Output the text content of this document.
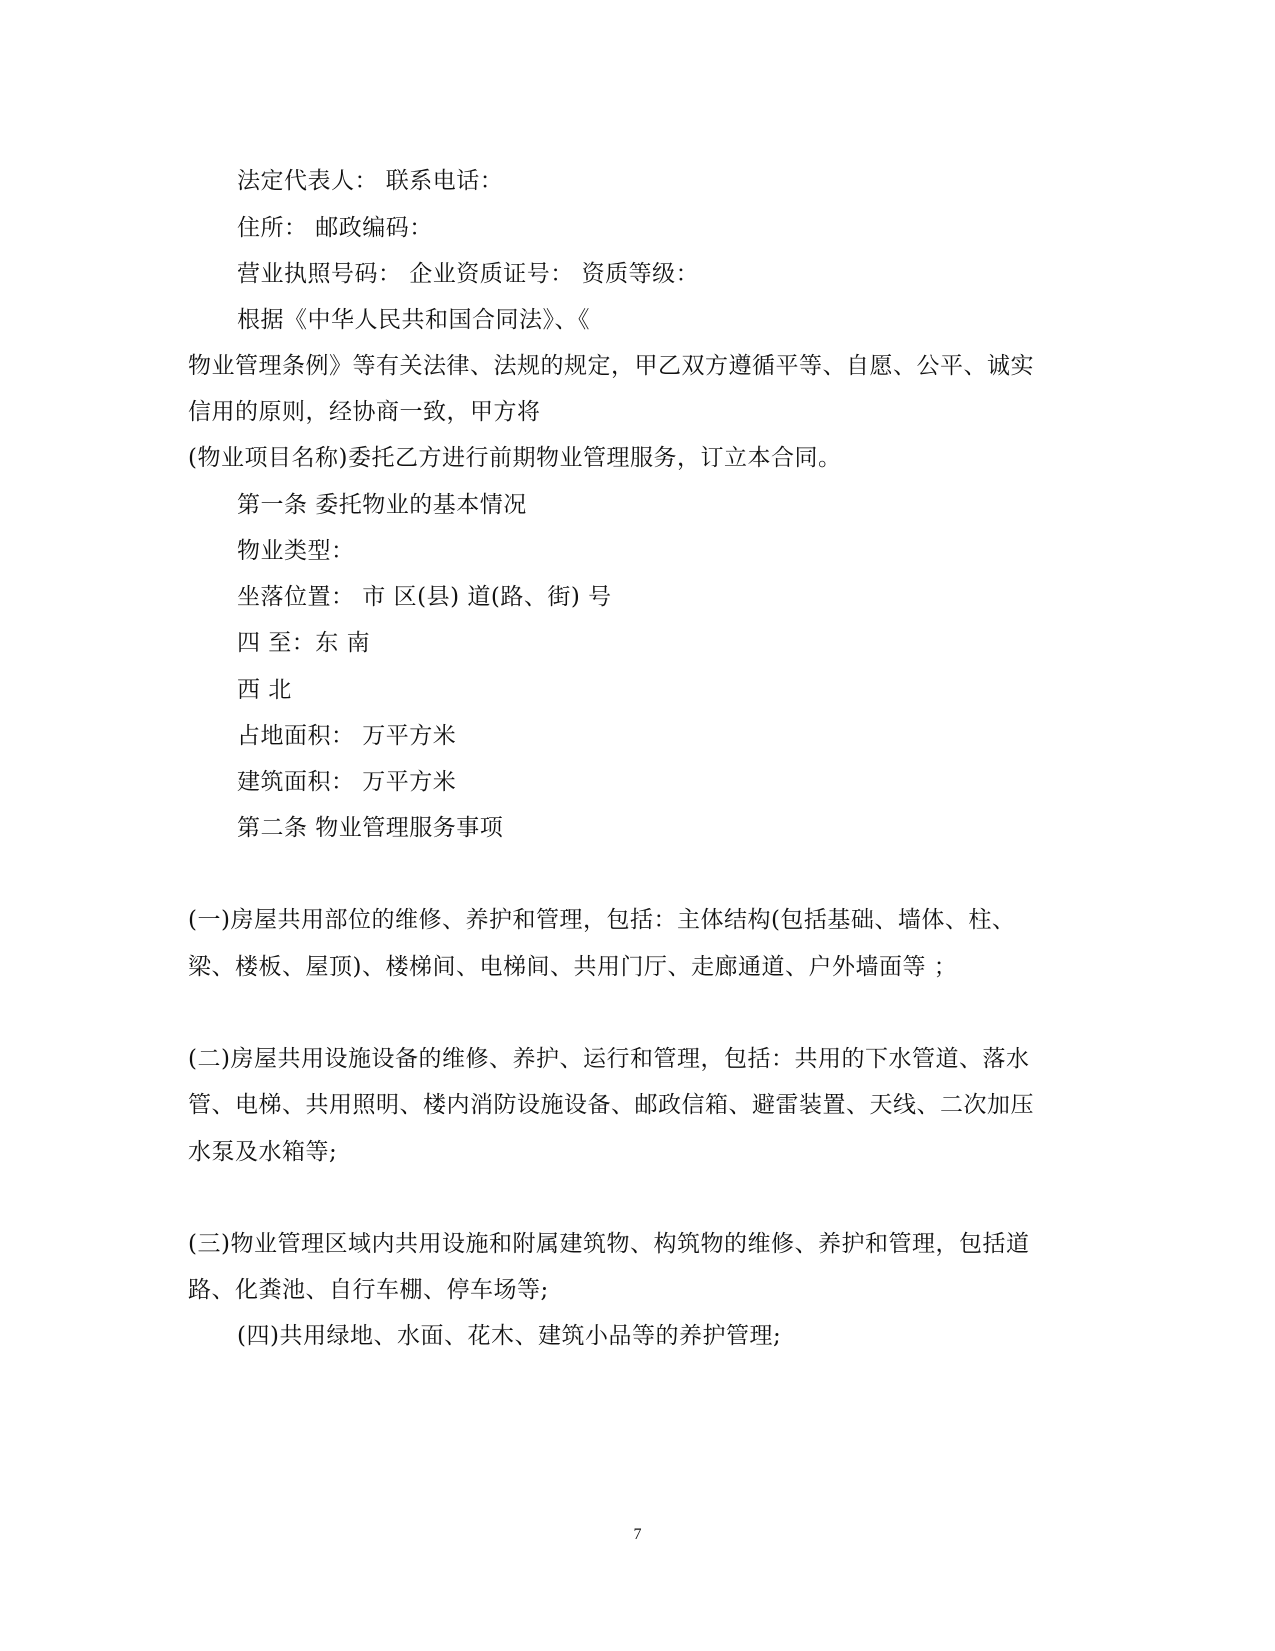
法定代表人： 联系电话：
住所： 邮政编码：
营业执照号码： 企业资质证号： 资质等级：
根据《中华人民共和国合同法》、《
物业管理条例》等有关法律、法规的规定，甲乙双方遵循平等、自愿、公平、诚实
信用的原则，经协商一致，甲方将
(物业项目名称)委托乙方进行前期物业管理服务，订立本合同。
第一条 委托物业的基本情况
物业类型：
坐落位置： 市 区(县) 道(路、街) 号
四 至：东 南
西 北
占地面积： 万平方米
建筑面积： 万平方米
第二条 物业管理服务事项
(一)房屋共用部位的维修、养护和管理，包括：主体结构(包括基础、墙体、柱、
梁、楼板、屋顶)、楼梯间、电梯间、共用门厅、走廊通道、户外墙面等 ；
(二)房屋共用设施设备的维修、养护、运行和管理，包括：共用的下水管道、落水
管、电梯、共用照明、楼内消防设施设备、邮政信箱、避雷装置、天线、二次加压
水泵及水箱等;
(三)物业管理区域内共用设施和附属建筑物、构筑物的维修、养护和管理，包括道
路、化粪池、自行车棚、停车场等;
(四)共用绿地、水面、花木、建筑小品等的养护管理;
7
